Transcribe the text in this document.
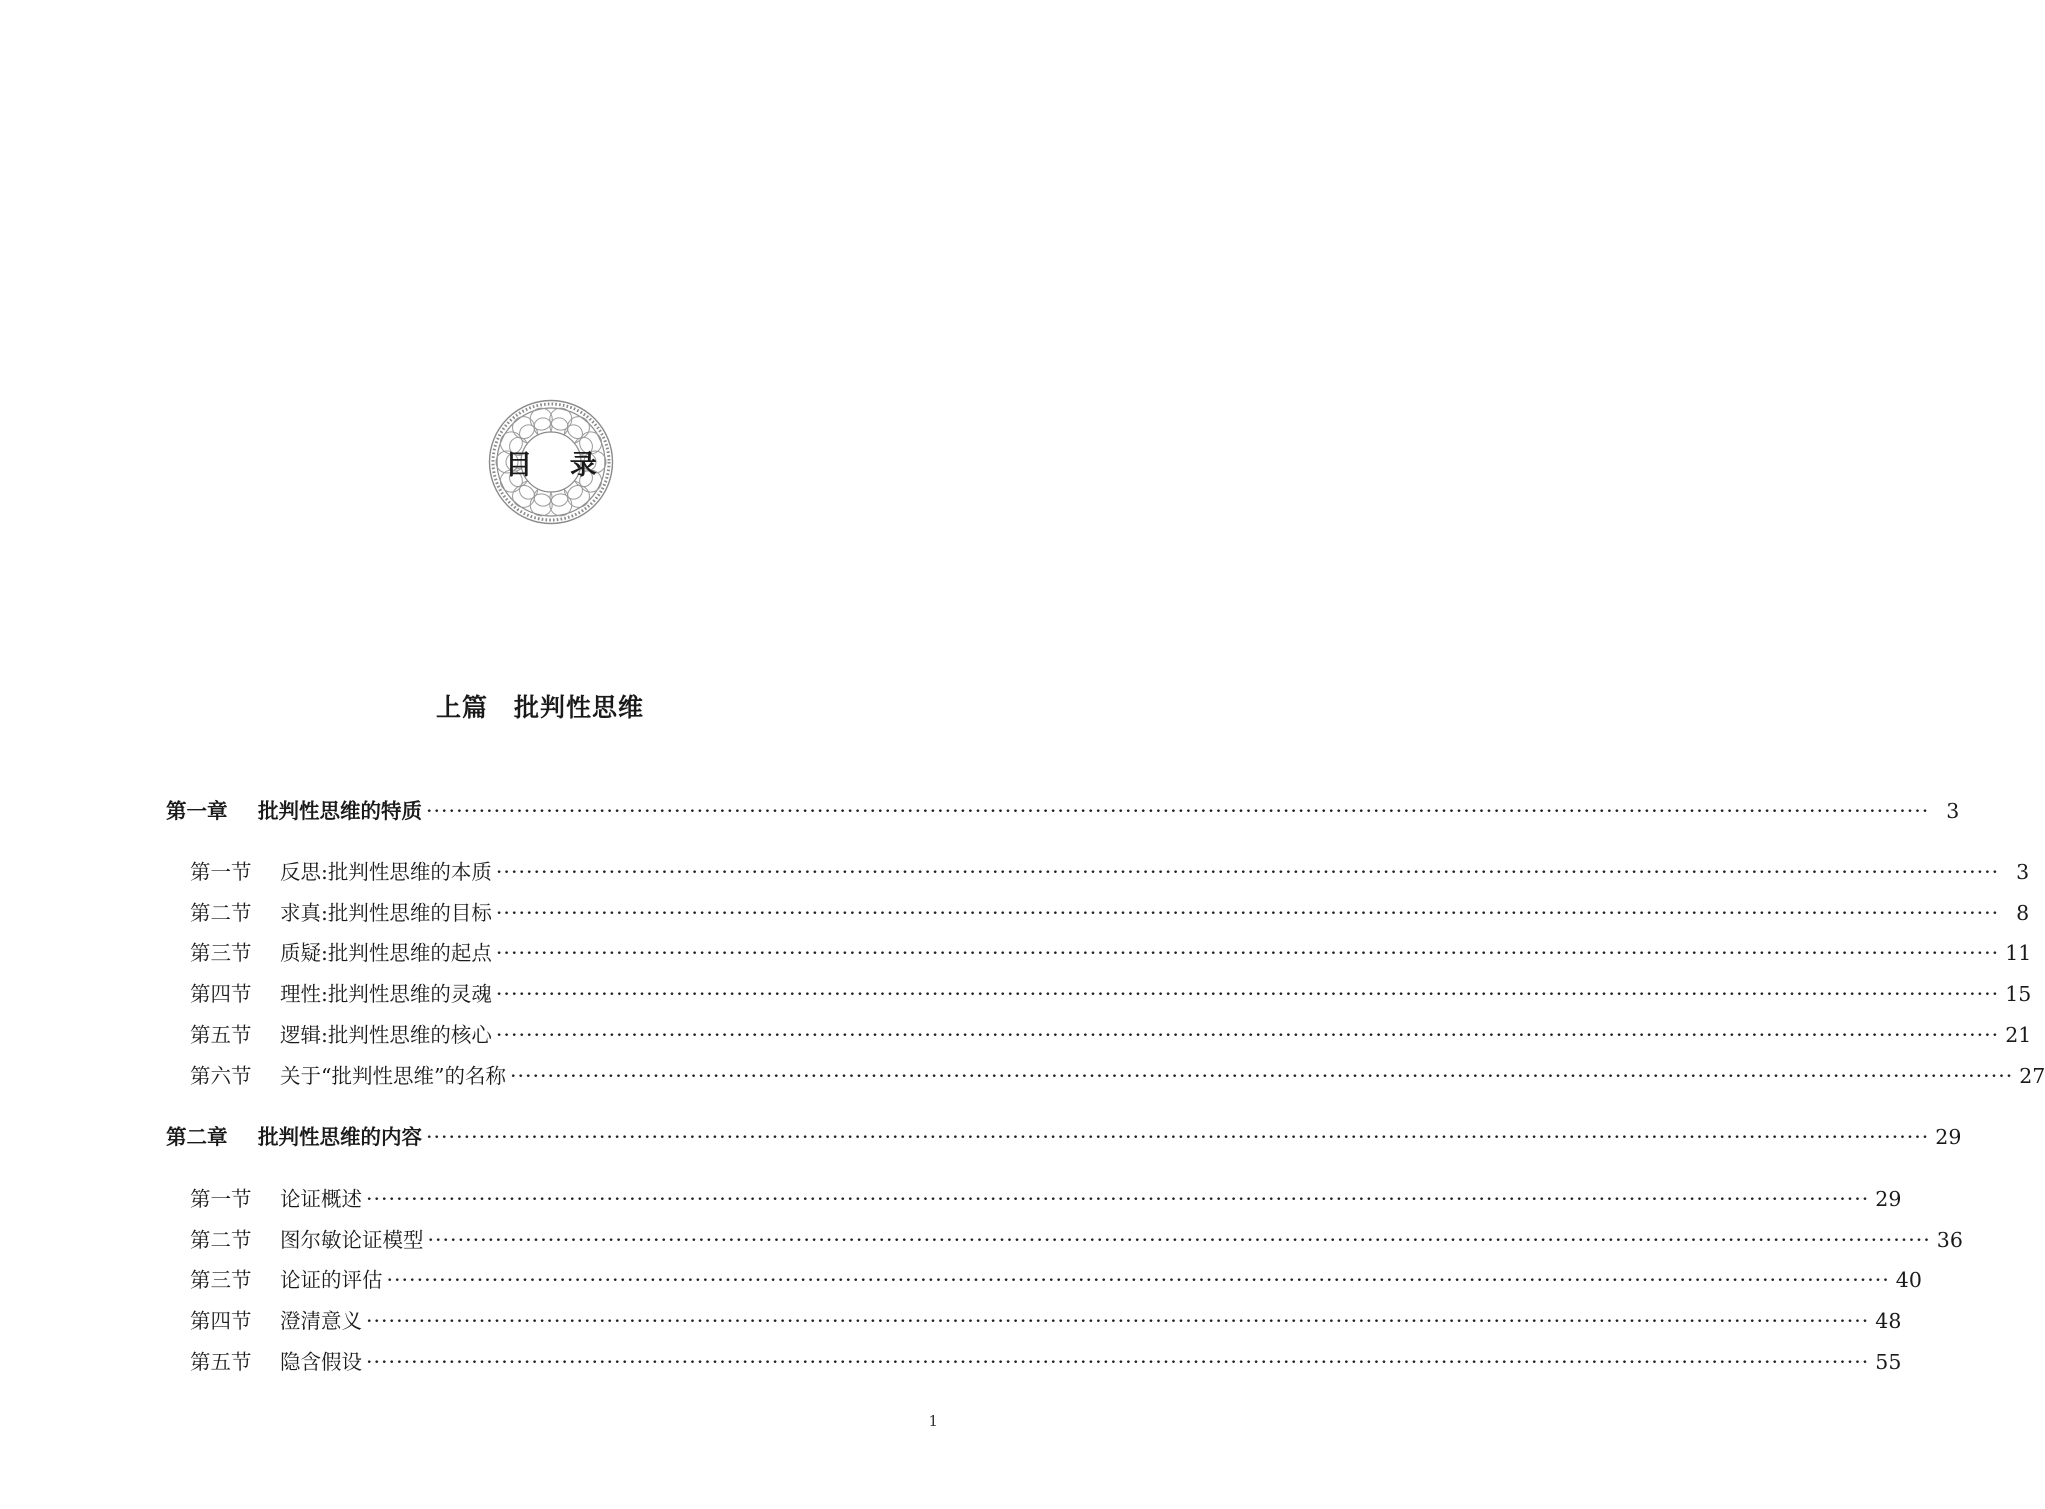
目 录
上篇　批判性思维
第一章 批判性思维的特质 ········································································································································································································ 3
第一节 反思:批判性思维的本质 ········································································································································································································ 3
第二节 求真:批判性思维的目标 ········································································································································································································ 8
第三节 质疑:批判性思维的起点 ········································································································································································································ 11
第四节 理性:批判性思维的灵魂 ········································································································································································································ 15
第五节 逻辑:批判性思维的核心 ········································································································································································································ 21
第六节 关于“批判性思维”的名称 ········································································································································································································ 27
第二章 批判性思维的内容 ········································································································································································································ 29
第一节 论证概述 ········································································································································································································ 29
第二节 图尔敏论证模型 ········································································································································································································ 36
第三节 论证的评估 ········································································································································································································ 40
第四节 澄清意义 ········································································································································································································ 48
第五节 隐含假设 ········································································································································································································ 55
1
